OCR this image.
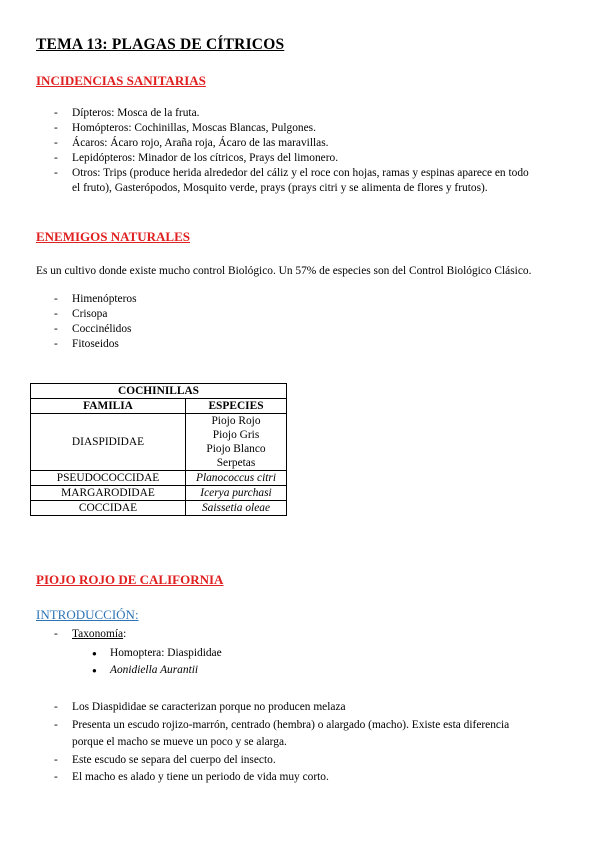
TEMA 13: PLAGAS DE CÍTRICOS
INCIDENCIAS SANITARIAS
- Dípteros: Mosca de la fruta.
- Homópteros: Cochinillas, Moscas Blancas, Pulgones.
- Ácaros: Ácaro rojo, Araña roja, Ácaro de las maravillas.
- Lepidópteros: Minador de los cítricos, Prays del limonero.
- Otros: Trips (produce herida alrededor del cáliz y el roce con hojas, ramas y espinas aparece en todo el fruto), Gasterópodos, Mosquito verde, prays (prays citri y se alimenta de flores y frutos).
ENEMIGOS NATURALES
Es un cultivo donde existe mucho control Biológico. Un 57% de especies son del Control Biológico Clásico.
- Himenópteros
- Crisopa
- Coccinélidos
- Fitoseidos
COCHINILLAS	
FAMILIA	ESPECIES
DIASPIDIDAE	Piojo Rojo
Piojo Gris
Piojo Blanco
Serpetas

PSEUDOCOCCIDAE	Planococcus citri
MARGARODIDAE	Icerya purchasi
COCCIDAE	Saissetia oleae
PIOJO ROJO DE CALIFORNIA
INTRODUCCIÓN:
- Taxonomía:
● Homoptera: Diaspididae
● Aonidiella Aurantii
- Los Diaspididae se caracterizan porque no producen melaza
- Presenta un escudo rojizo-marrón, centrado (hembra) o alargado (macho). Existe esta diferencia porque el macho se mueve un poco y se alarga.
- Este escudo se separa del cuerpo del insecto.
- El macho es alado y tiene un periodo de vida muy corto.
